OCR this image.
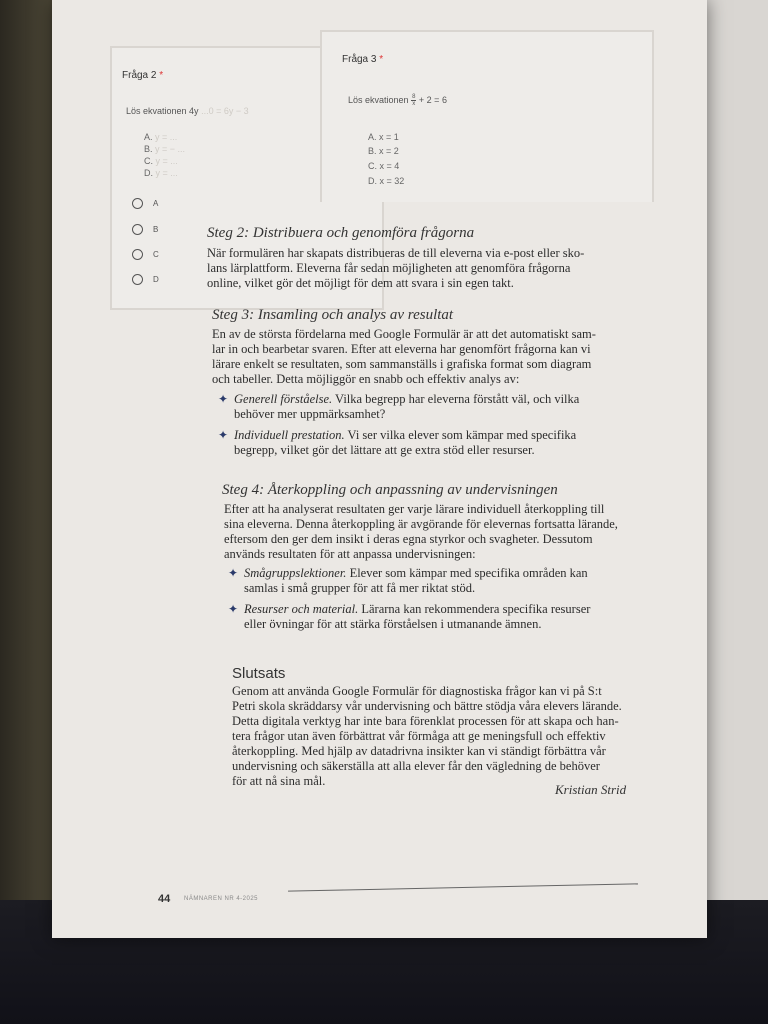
Fråga 2 *
Lös ekvationen 4y ...0 = 6y − 3
A. y = ...
B. y = − ...
C. y = ...
D. y = ...
A
B
C
D
Fråga 3 *
Lös ekvationen $\frac{8}{x} + 2 = 6$
A. x = 1
B. x = 2
C. x = 4
D. x = 32
Steg 2: Distribuera och genomföra frågorna
När formulären har skapats distribueras de till eleverna via e-post eller sko-
lans lärplattform. Eleverna får sedan möjligheten att genomföra frågorna
online, vilket gör det möjligt för dem att svara i sin egen takt.
Steg 3: Insamling och analys av resultat
En av de största fördelarna med Google Formulär är att det automatiskt sam-
lar in och bearbetar svaren. Efter att eleverna har genomfört frågorna kan vi
lärare enkelt se resultaten, som sammanställs i grafiska format som diagram
och tabeller. Detta möjliggör en snabb och effektiv analys av:
✦ Generell förståelse. Vilka begrepp har eleverna förstått väl, och vilka
behöver mer uppmärksamhet?
✦ Individuell prestation. Vi ser vilka elever som kämpar med specifika
begrepp, vilket gör det lättare att ge extra stöd eller resurser.
Steg 4: Återkoppling och anpassning av undervisningen
Efter att ha analyserat resultaten ger varje lärare individuell återkoppling till
sina eleverna. Denna återkoppling är avgörande för elevernas fortsatta lärande,
eftersom den ger dem insikt i deras egna styrkor och svagheter. Dessutom
används resultaten för att anpassa undervisningen:
✦ Smågruppslektioner. Elever som kämpar med specifika områden kan
samlas i små grupper för att få mer riktat stöd.
✦ Resurser och material. Lärarna kan rekommendera specifika resurser
eller övningar för att stärka förståelsen i utmanande ämnen.
Slutsats
Genom att använda Google Formulär för diagnostiska frågor kan vi på S:t
Petri skola skräddarsy vår undervisning och bättre stödja våra elevers lärande.
Detta digitala verktyg har inte bara förenklat processen för att skapa och han-
tera frågor utan även förbättrat vår förmåga att ge meningsfull och effektiv
återkoppling. Med hjälp av datadrivna insikter kan vi ständigt förbättra vår
undervisning och säkerställa att alla elever får den vägledning de behöver
för att nå sina mål.
Kristian Strid
44 NÄMNAREN NR 4-2025
